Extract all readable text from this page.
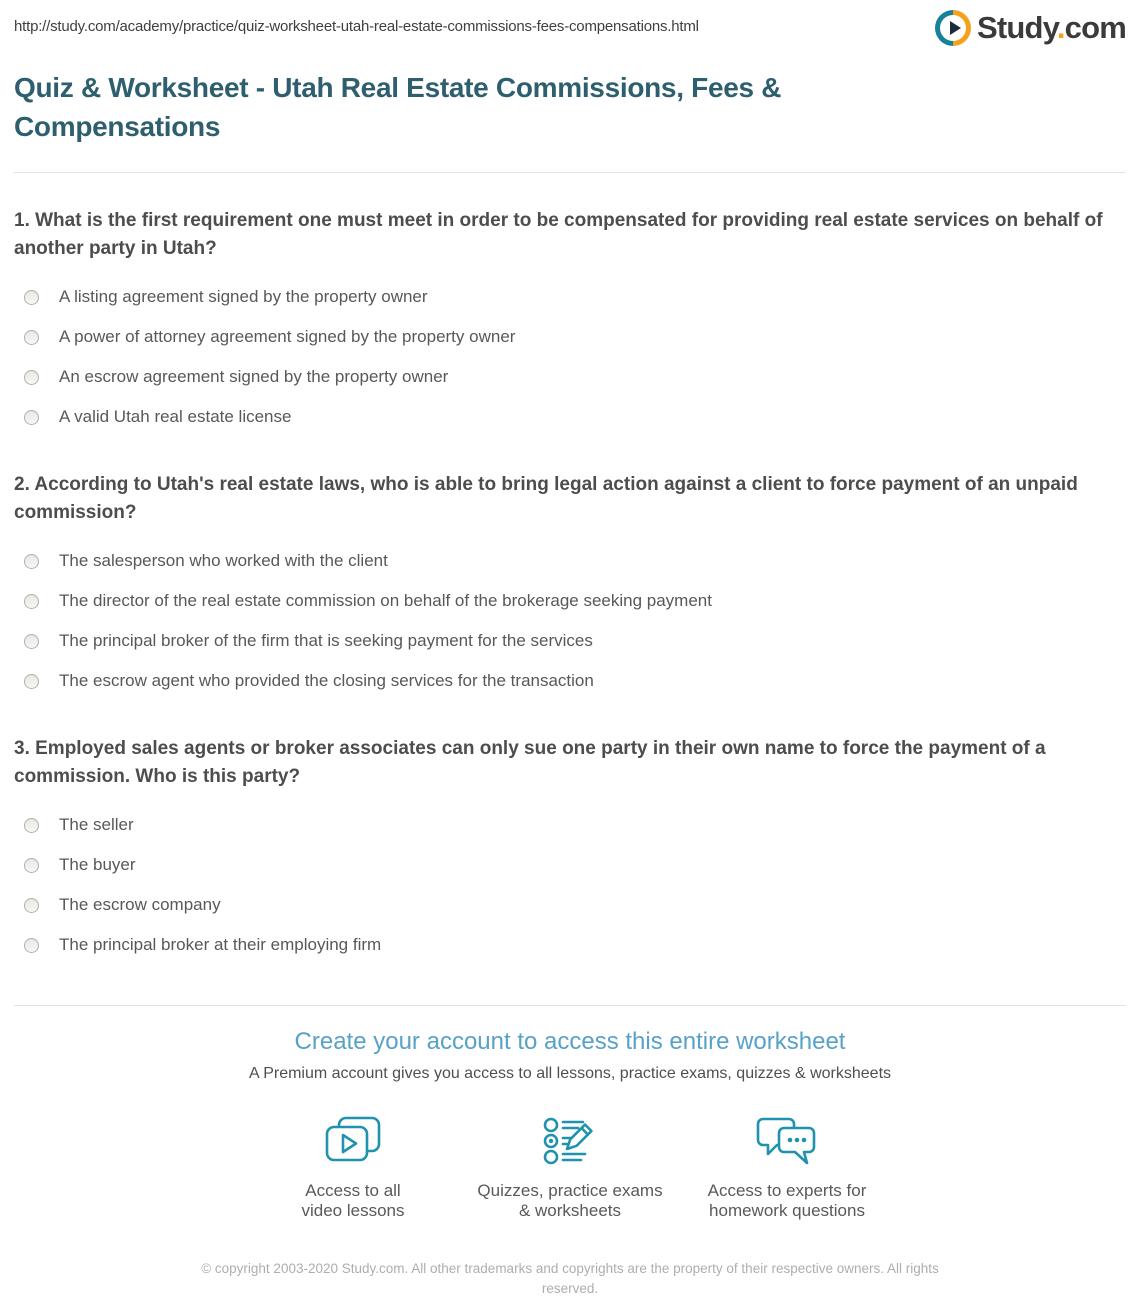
http://study.com/academy/practice/quiz-worksheet-utah-real-estate-commissions-fees-compensations.html	Study.com
Quiz & Worksheet - Utah Real Estate Commissions, Fees & Compensations
1. What is the first requirement one must meet in order to be compensated for providing real estate services on behalf of another party in Utah?
A listing agreement signed by the property owner
A power of attorney agreement signed by the property owner
An escrow agreement signed by the property owner
A valid Utah real estate license
2. According to Utah's real estate laws, who is able to bring legal action against a client to force payment of an unpaid commission?
The salesperson who worked with the client
The director of the real estate commission on behalf of the brokerage seeking payment
The principal broker of the firm that is seeking payment for the services
The escrow agent who provided the closing services for the transaction
3. Employed sales agents or broker associates can only sue one party in their own name to force the payment of a commission. Who is this party?
The seller
The buyer
The escrow company
The principal broker at their employing firm
Create your account to access this entire worksheet

A Premium account gives you access to all lessons, practice exams, quizzes & worksheets

Access to all
video lessons
Quizzes, practice exams
& worksheets
Access to experts for
homework questions

© copyright 2003-2020 Study.com. All other trademarks and copyrights are the property of their respective owners. All rights reserved.
